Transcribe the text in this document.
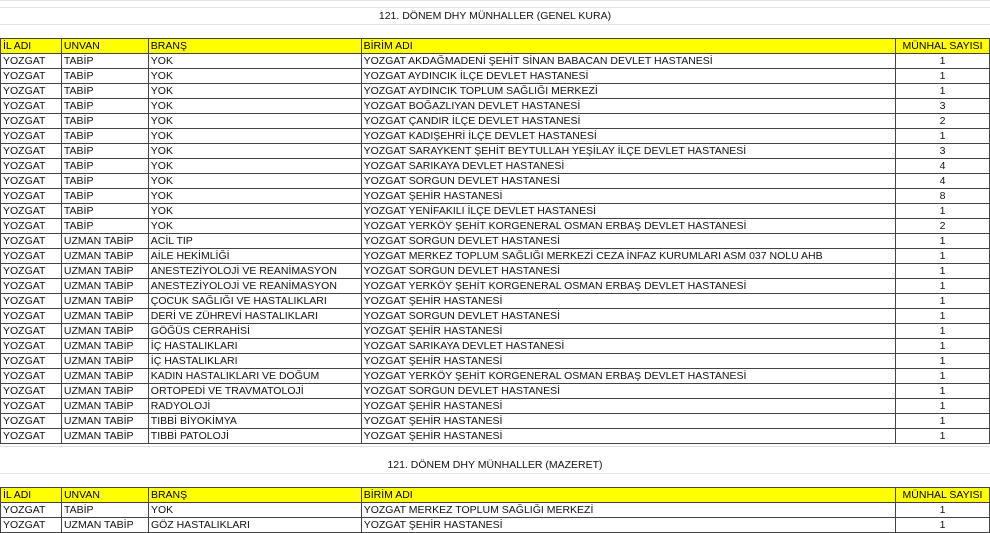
121. DÖNEM DHY MÜNHALLER (GENEL KURA)
İL ADI	UNVAN	BRANŞ	BİRİM ADI	MÜNHAL SAYISI
YOZGAT	TABİP	YOK	YOZGAT AKDAĞMADENİ ŞEHİT SİNAN BABACAN DEVLET HASTANESİ	1
YOZGAT	TABİP	YOK	YOZGAT AYDINCIK İLÇE DEVLET HASTANESİ	1
YOZGAT	TABİP	YOK	YOZGAT AYDINCIK TOPLUM SAĞLIĞI MERKEZİ	1
YOZGAT	TABİP	YOK	YOZGAT BOĞAZLIYAN DEVLET HASTANESİ	3
YOZGAT	TABİP	YOK	YOZGAT ÇANDIR İLÇE DEVLET HASTANESİ	2
YOZGAT	TABİP	YOK	YOZGAT KADIŞEHRİ İLÇE DEVLET HASTANESİ	1
YOZGAT	TABİP	YOK	YOZGAT SARAYKENT ŞEHİT BEYTULLAH YEŞİLAY İLÇE DEVLET HASTANESİ	3
YOZGAT	TABİP	YOK	YOZGAT SARIKAYA DEVLET HASTANESİ	4
YOZGAT	TABİP	YOK	YOZGAT SORGUN DEVLET HASTANESİ	4
YOZGAT	TABİP	YOK	YOZGAT ŞEHİR HASTANESİ	8
YOZGAT	TABİP	YOK	YOZGAT YENİFAKILI İLÇE DEVLET HASTANESİ	1
YOZGAT	TABİP	YOK	YOZGAT YERKÖY ŞEHİT KORGENERAL OSMAN ERBAŞ DEVLET HASTANESİ	2
YOZGAT	UZMAN TABİP	ACİL TIP	YOZGAT SORGUN DEVLET HASTANESİ	1
YOZGAT	UZMAN TABİP	AİLE HEKİMLİĞİ	YOZGAT MERKEZ TOPLUM SAĞLIĞI MERKEZİ CEZA İNFAZ KURUMLARI ASM 037 NOLU AHB	1
YOZGAT	UZMAN TABİP	ANESTEZİYOLOJİ VE REANİMASYON	YOZGAT SORGUN DEVLET HASTANESİ	1
YOZGAT	UZMAN TABİP	ANESTEZİYOLOJİ VE REANİMASYON	YOZGAT YERKÖY ŞEHİT KORGENERAL OSMAN ERBAŞ DEVLET HASTANESİ	1
YOZGAT	UZMAN TABİP	ÇOCUK SAĞLIĞI VE HASTALIKLARI	YOZGAT ŞEHİR HASTANESİ	1
YOZGAT	UZMAN TABİP	DERİ VE ZÜHREVİ HASTALIKLARI	YOZGAT SORGUN DEVLET HASTANESİ	1
YOZGAT	UZMAN TABİP	GÖĞÜS CERRAHİSİ	YOZGAT ŞEHİR HASTANESİ	1
YOZGAT	UZMAN TABİP	İÇ HASTALIKLARI	YOZGAT SARIKAYA DEVLET HASTANESİ	1
YOZGAT	UZMAN TABİP	İÇ HASTALIKLARI	YOZGAT ŞEHİR HASTANESİ	1
YOZGAT	UZMAN TABİP	KADIN HASTALIKLARI VE DOĞUM	YOZGAT YERKÖY ŞEHİT KORGENERAL OSMAN ERBAŞ DEVLET HASTANESİ	1
YOZGAT	UZMAN TABİP	ORTOPEDİ VE TRAVMATOLOJİ	YOZGAT SORGUN DEVLET HASTANESİ	1
YOZGAT	UZMAN TABİP	RADYOLOJİ	YOZGAT ŞEHİR HASTANESİ	1
YOZGAT	UZMAN TABİP	TIBBİ BİYOKİMYA	YOZGAT ŞEHİR HASTANESİ	1
YOZGAT	UZMAN TABİP	TIBBİ PATOLOJİ	YOZGAT ŞEHİR HASTANESİ	1
121. DÖNEM DHY MÜNHALLER (MAZERET)
İL ADI	UNVAN	BRANŞ	BİRİM ADI	MÜNHAL SAYISI
YOZGAT	TABİP	YOK	YOZGAT MERKEZ TOPLUM SAĞLIĞI MERKEZİ	1
YOZGAT	UZMAN TABİP	GÖZ HASTALIKLARI	YOZGAT ŞEHİR HASTANESİ	1
